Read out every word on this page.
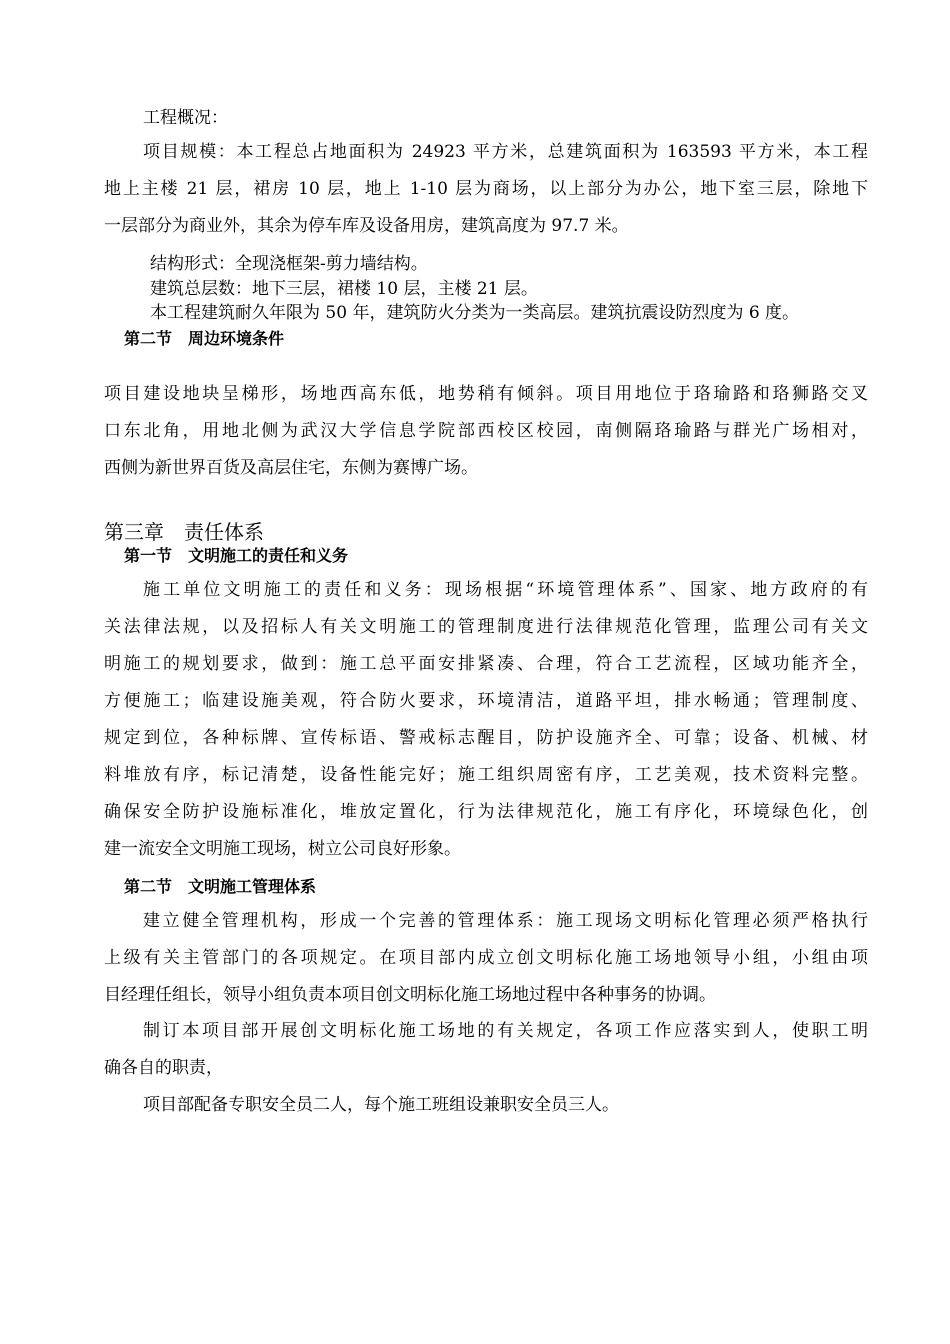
工程概况：
项目规模：本工程总占地面积为 24923 平方米，总建筑面积为 163593 平方米，本工程
地上主楼 21 层，裙房 10 层，地上 1-10 层为商场，以上部分为办公，地下室三层，除地下
一层部分为商业外，其余为停车库及设备用房，建筑高度为 97.7 米。
结构形式：全现浇框架-剪力墙结构。
建筑总层数：地下三层，裙楼 10 层，主楼 21 层。
本工程建筑耐久年限为 50 年，建筑防火分类为一类高层。建筑抗震设防烈度为 6 度。
第二节　周边环境条件
项目建设地块呈梯形，场地西高东低，地势稍有倾斜。项目用地位于珞瑜路和珞狮路交叉
口东北角，用地北侧为武汉大学信息学院部西校区校园，南侧隔珞瑜路与群光广场相对，
西侧为新世界百货及高层住宅，东侧为赛博广场。
第三章　责任体系
第一节　文明施工的责任和义务
施工单位文明施工的责任和义务：现场根据“环境管理体系”、国家、地方政府的有
关法律法规，以及招标人有关文明施工的管理制度进行法律规范化管理，监理公司有关文
明施工的规划要求，做到：施工总平面安排紧凑、合理，符合工艺流程，区域功能齐全，
方便施工；临建设施美观，符合防火要求，环境清洁，道路平坦，排水畅通；管理制度、
规定到位，各种标牌、宣传标语、警戒标志醒目，防护设施齐全、可靠；设备、机械、材
料堆放有序，标记清楚，设备性能完好；施工组织周密有序，工艺美观，技术资料完整。
确保安全防护设施标准化，堆放定置化，行为法律规范化，施工有序化，环境绿色化，创
建一流安全文明施工现场，树立公司良好形象。
第二节　文明施工管理体系
建立健全管理机构，形成一个完善的管理体系：施工现场文明标化管理必须严格执行
上级有关主管部门的各项规定。在项目部内成立创文明标化施工场地领导小组，小组由项
目经理任组长，领导小组负责本项目创文明标化施工场地过程中各种事务的协调。
制订本项目部开展创文明标化施工场地的有关规定，各项工作应落实到人，使职工明
确各自的职责，
项目部配备专职安全员二人，每个施工班组设兼职安全员三人。
